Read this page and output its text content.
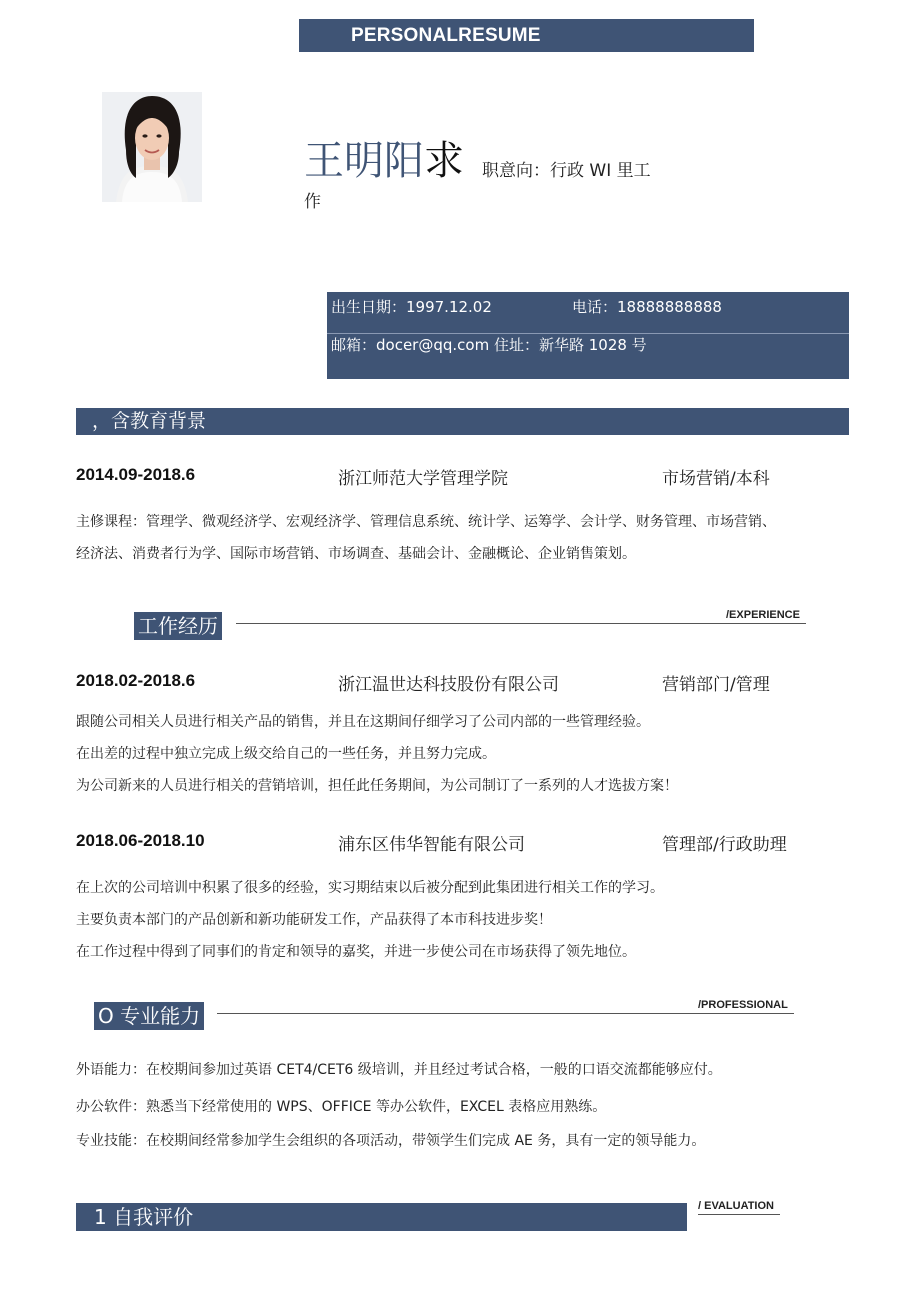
PERSONALRESUME
王明阳求 职意向：行政 WI 里工
作
出生日期：1997.12.02	电话：18888888888
邮箱：docer@qq.com 住址：新华路 1028 号
，含教育背景
2014.09-2018.6	浙江师范大学管理学院	市场营销/本科
主修课程：管理学、微观经济学、宏观经济学、管理信息系统、统计学、运筹学、会计学、财务管理、市场营销、
经济法、消费者行为学、国际市场营销、市场调查、基础会计、金融概论、企业销售策划。
工作经历	/EXPERIENCE
2018.02-2018.6	浙江温世达科技股份有限公司	营销部门/管理
跟随公司相关人员进行相关产品的销售，并且在这期间仔细学习了公司内部的一些管理经验。
在出差的过程中独立完成上级交给自己的一些任务，并且努力完成。
为公司新来的人员进行相关的营销培训，担任此任务期间，为公司制订了一系列的人才选拔方案！
2018.06-2018.10	浦东区伟华智能有限公司	管理部/行政助理
在上次的公司培训中积累了很多的经验，实习期结束以后被分配到此集团进行相关工作的学习。
主要负责本部门的产品创新和新功能研发工作，产品获得了本市科技进步奖！
在工作过程中得到了同事们的肯定和领导的嘉奖，并进一步使公司在市场获得了领先地位。
O 专业能力	/PROFESSIONAL
外语能力：在校期间参加过英语 CET4/CET6 级培训，并且经过考试合格，一般的口语交流都能够应付。
办公软件：熟悉当下经常使用的 WPS、OFFICE 等办公软件，EXCEL 表格应用熟练。
专业技能：在校期间经常参加学生会组织的各项活动，带领学生们完成 AE 务，具有一定的领导能力。
1 自我评价	/ EVALUATION
